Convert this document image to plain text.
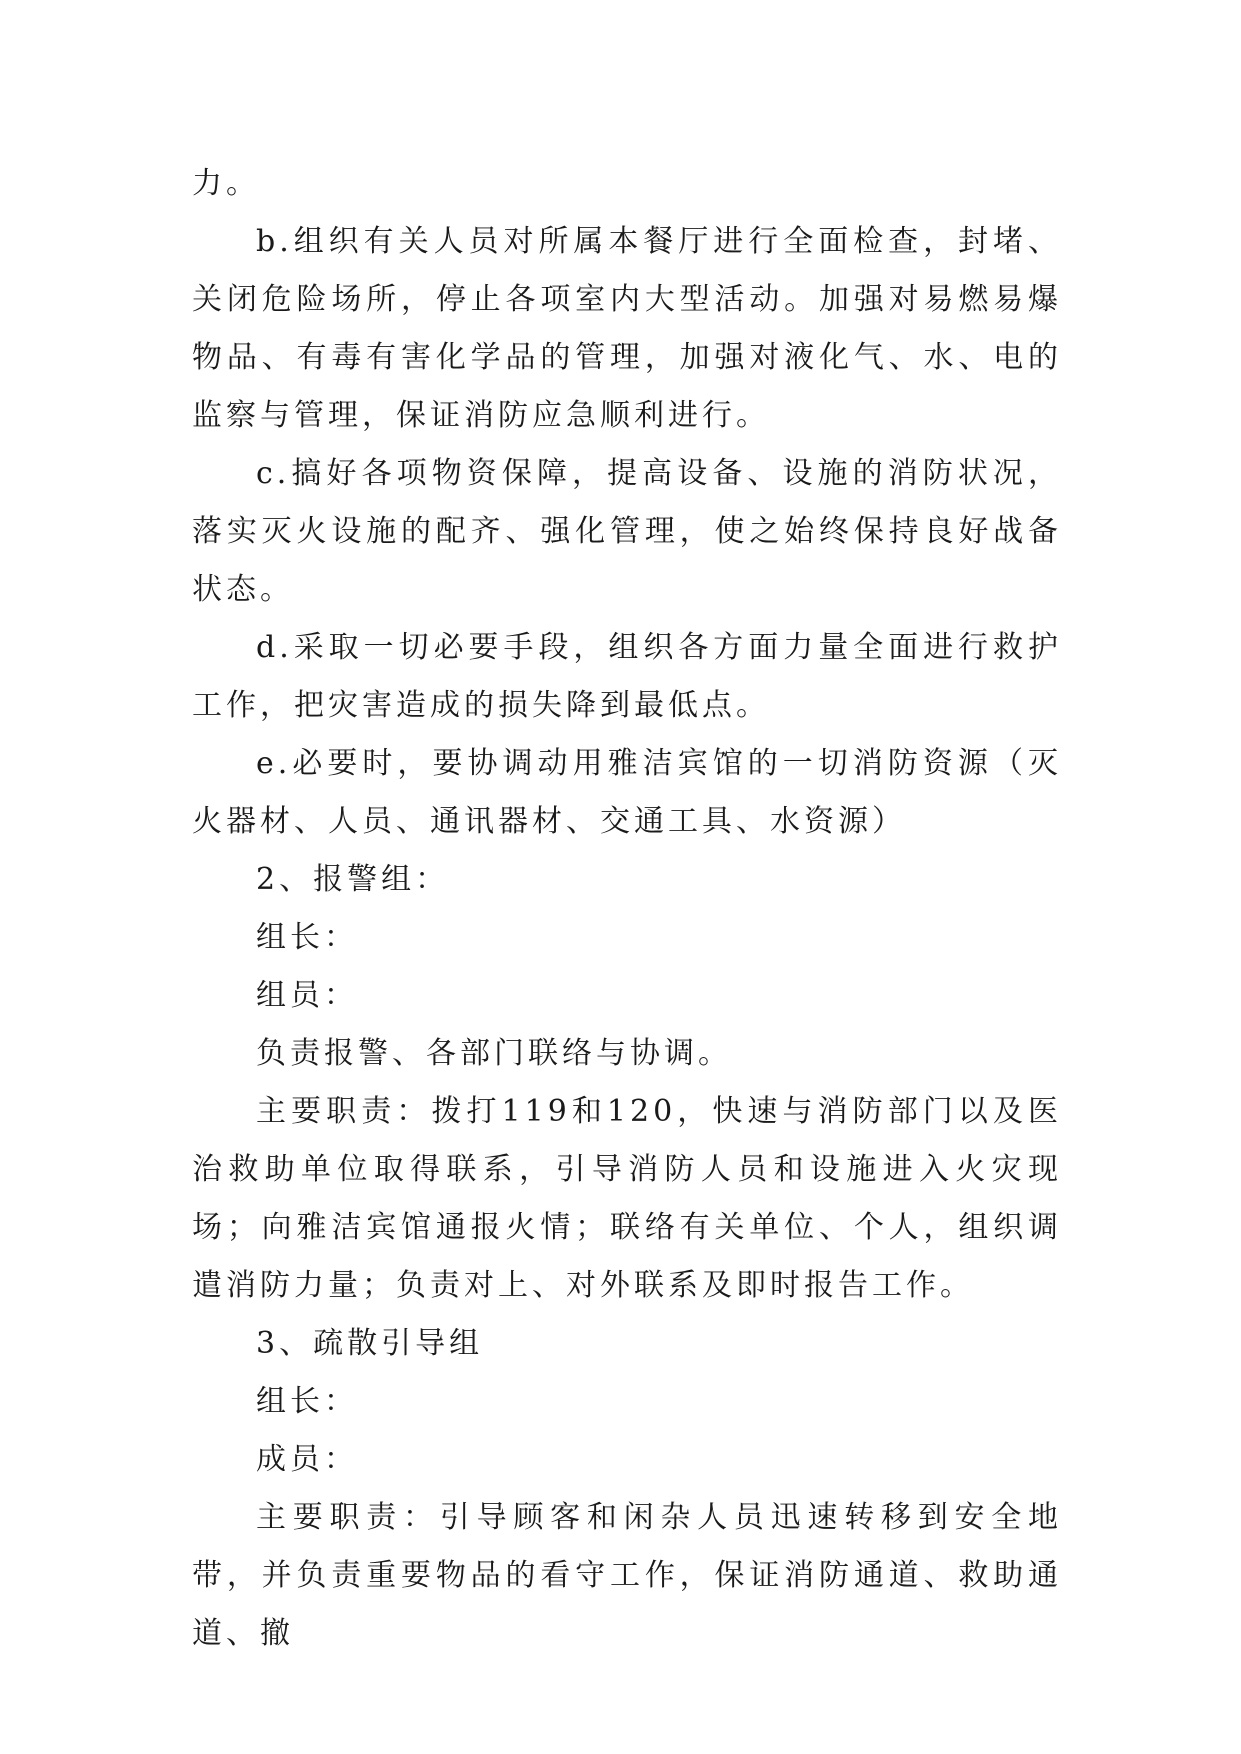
力。

b.组织有关人员对所属本餐厅进行全面检查，封堵、关闭危险场所，停止各项室内大型活动。加强对易燃易爆物品、有毒有害化学品的管理，加强对液化气、水、电的监察与管理，保证消防应急顺利进行。

c.搞好各项物资保障，提高设备、设施的消防状况，落实灭火设施的配齐、强化管理，使之始终保持良好战备状态。

d.采取一切必要手段，组织各方面力量全面进行救护工作，把灾害造成的损失降到最低点。

e.必要时，要协调动用雅洁宾馆的一切消防资源（灭火器材、人员、通讯器材、交通工具、水资源）

2、报警组：

组长：

组员：

负责报警、各部门联络与协调。

主要职责：拨打119和120，快速与消防部门以及医治救助单位取得联系，引导消防人员和设施进入火灾现场；向雅洁宾馆通报火情；联络有关单位、个人，组织调遣消防力量；负责对上、对外联系及即时报告工作。

3、疏散引导组

组长：

成员：

主要职责：引导顾客和闲杂人员迅速转移到安全地带，并负责重要物品的看守工作，保证消防通道、救助通道、撤
